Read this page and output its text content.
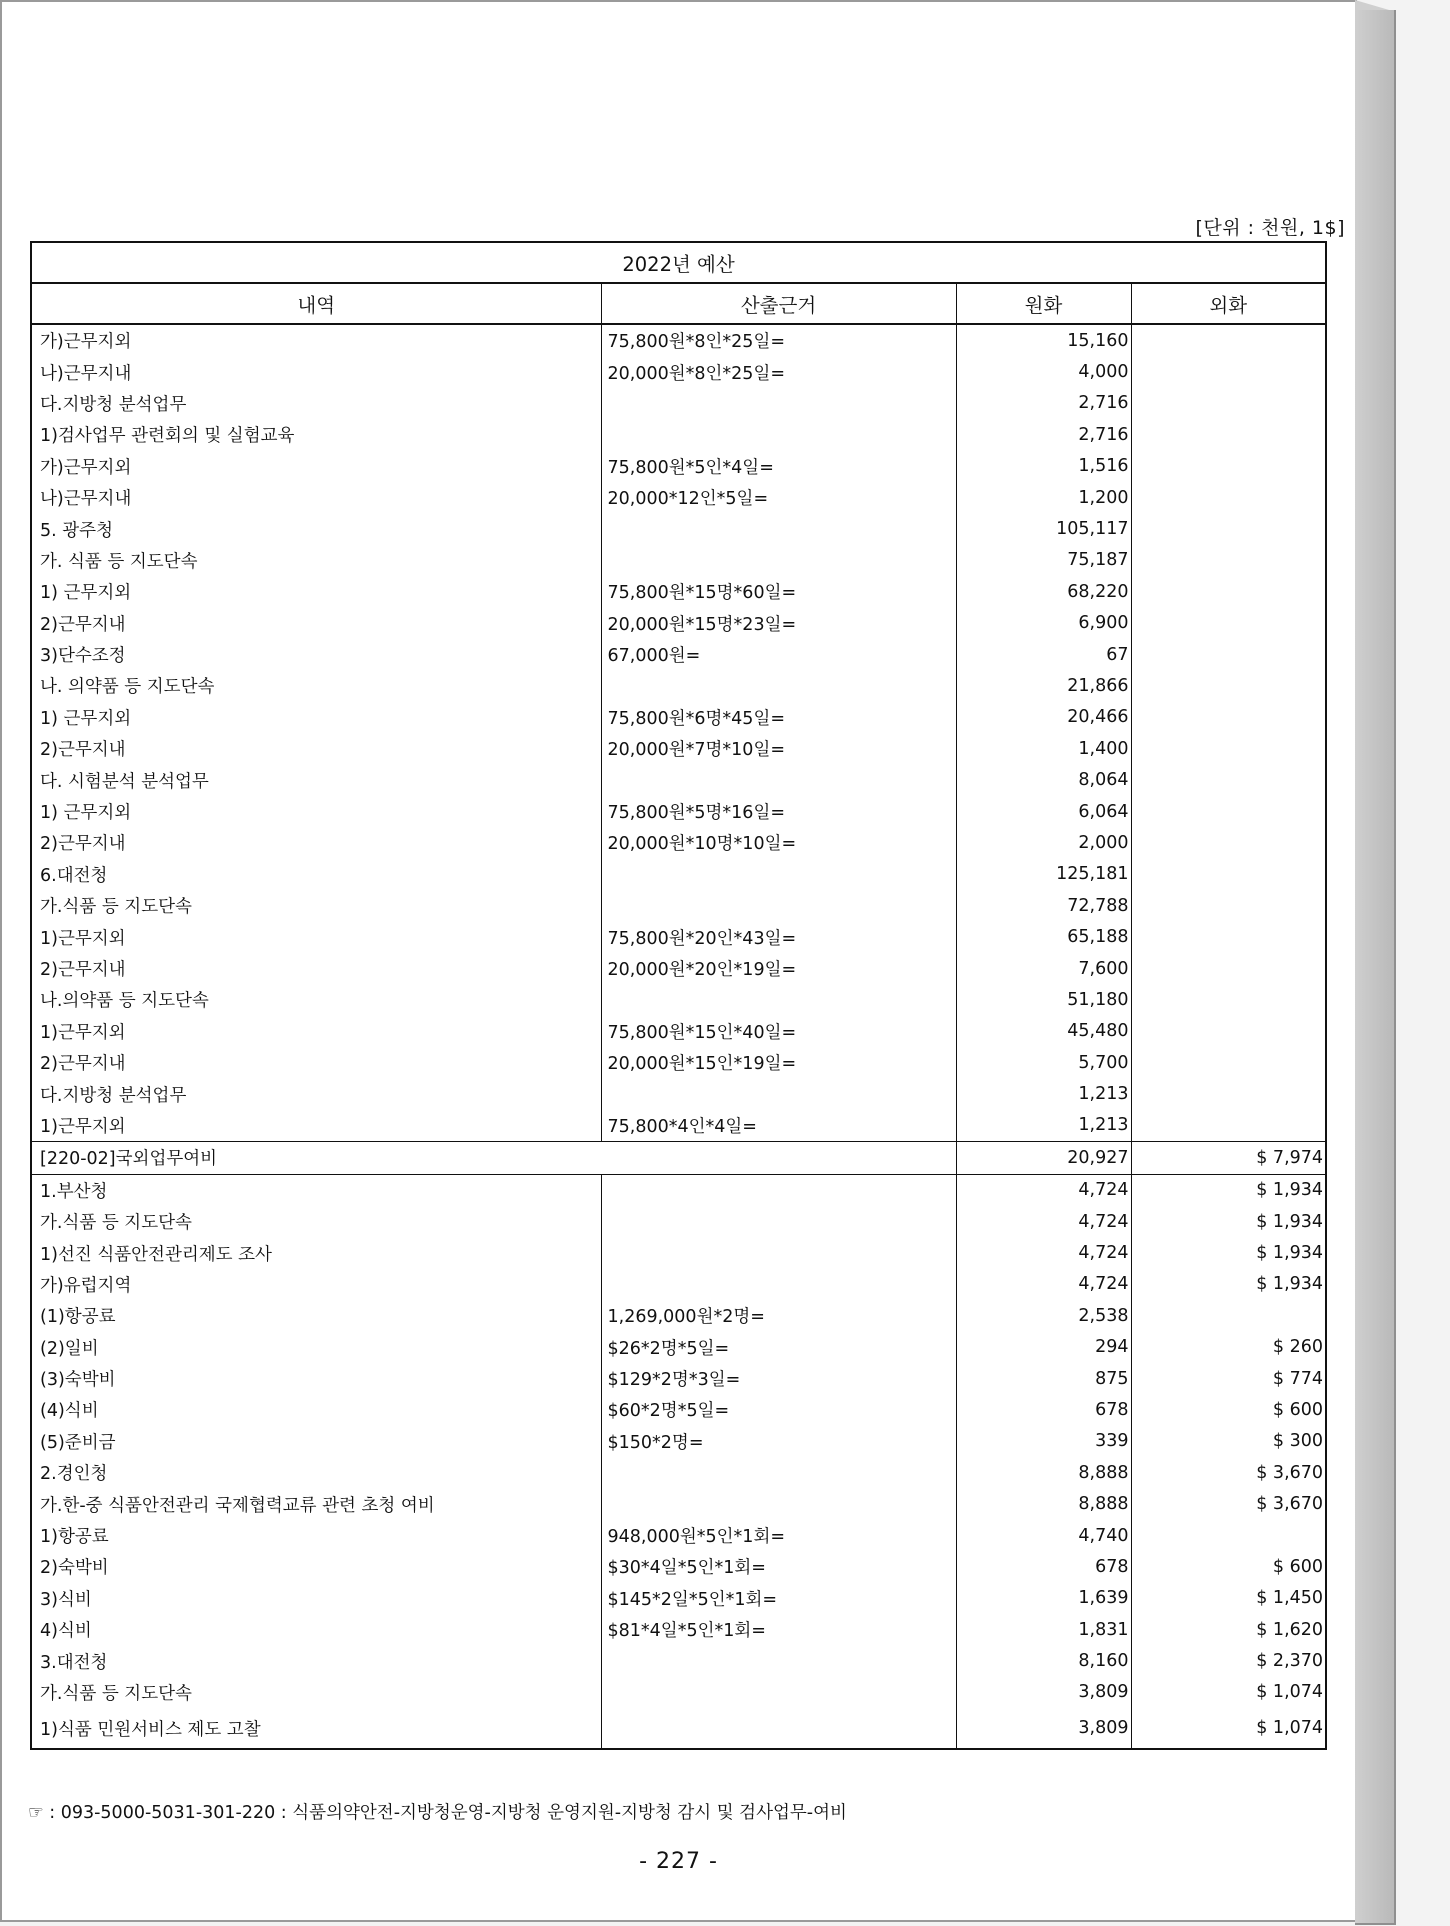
[단위 : 천원, 1$]
2022년 예산			
내역	산출근거	원화	외화
가)근무지외	75,800원*8인*25일=	15,160	
나)근무지내	20,000원*8인*25일=	4,000	
다.지방청 분석업무		2,716	
1)검사업무 관련회의 및 실험교육		2,716	
가)근무지외	75,800원*5인*4일=	1,516	
나)근무지내	20,000*12인*5일=	1,200	
5. 광주청		105,117	
가. 식품 등 지도단속		75,187	
1) 근무지외	75,800원*15명*60일=	68,220	
2)근무지내	20,000원*15명*23일=	6,900	
3)단수조정	67,000원=	67	
나. 의약품 등 지도단속		21,866	
1) 근무지외	75,800원*6명*45일=	20,466	
2)근무지내	20,000원*7명*10일=	1,400	
다. 시험분석 분석업무		8,064	
1) 근무지외	75,800원*5명*16일=	6,064	
2)근무지내	20,000원*10명*10일=	2,000	
6.대전청		125,181	
가.식품 등 지도단속		72,788	
1)근무지외	75,800원*20인*43일=	65,188	
2)근무지내	20,000원*20인*19일=	7,600	
나.의약품 등 지도단속		51,180	
1)근무지외	75,800원*15인*40일=	45,480	
2)근무지내	20,000원*15인*19일=	5,700	
다.지방청 분석업무		1,213	
1)근무지외	75,800*4인*4일=	1,213	
[220-02]국외업무여비		20,927	$ 7,974
1.부산청		4,724	$ 1,934
가.식품 등 지도단속		4,724	$ 1,934
1)선진 식품안전관리제도 조사		4,724	$ 1,934
가)유럽지역		4,724	$ 1,934
(1)항공료	1,269,000원*2명=	2,538	
(2)일비	$26*2명*5일=	294	$ 260
(3)숙박비	$129*2명*3일=	875	$ 774
(4)식비	$60*2명*5일=	678	$ 600
(5)준비금	$150*2명=	339	$ 300
2.경인청		8,888	$ 3,670
가.한-중 식품안전관리 국제협력교류 관련 초청 여비		8,888	$ 3,670
1)항공료	948,000원*5인*1회=	4,740	
2)숙박비	$30*4일*5인*1회=	678	$ 600
3)식비	$145*2일*5인*1회=	1,639	$ 1,450
4)식비	$81*4일*5인*1회=	1,831	$ 1,620
3.대전청		8,160	$ 2,370
가.식품 등 지도단속		3,809	$ 1,074
1)식품 민원서비스 제도 고찰		3,809	$ 1,074
☞ : 093-5000-5031-301-220 : 식품의약안전-지방청운영-지방청 운영지원-지방청 감시 및 검사업무-여비
- 227 -
